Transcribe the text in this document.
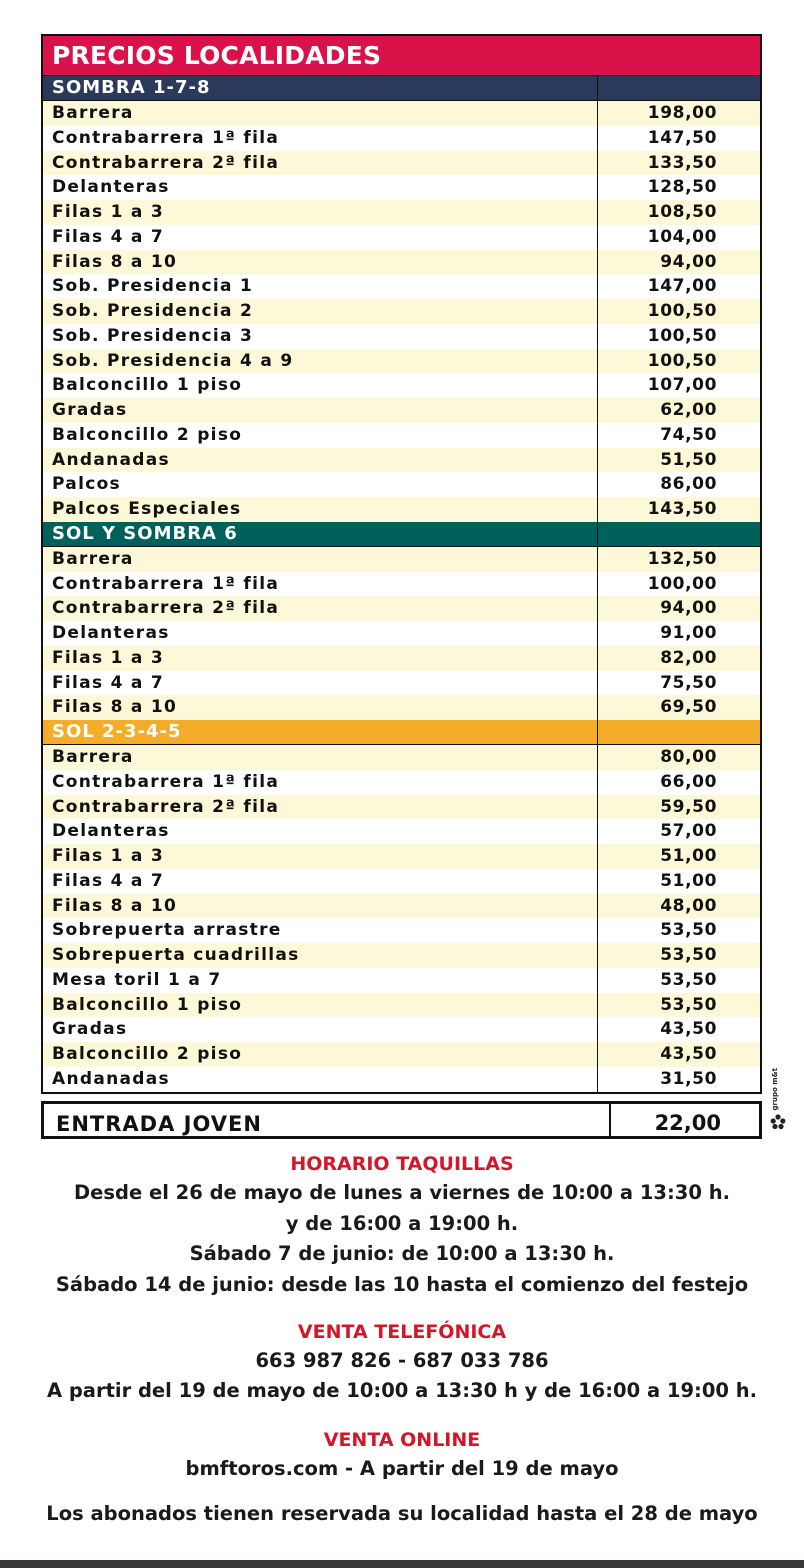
PRECIOS LOCALIDADES
SOMBRA 1-7-8
Barrera	198,00
Contrabarrera 1ª fila	147,50
Contrabarrera 2ª fila	133,50
Delanteras	128,50
Filas 1 a 3	108,50
Filas 4 a 7	104,00
Filas 8 a 10	94,00
Sob. Presidencia 1	147,00
Sob. Presidencia 2	100,50
Sob. Presidencia 3	100,50
Sob. Presidencia 4 a 9	100,50
Balconcillo 1 piso	107,00
Gradas	62,00
Balconcillo 2 piso	74,50
Andanadas	51,50
Palcos	86,00
Palcos Especiales	143,50
SOL Y SOMBRA 6
Barrera	132,50
Contrabarrera 1ª fila	100,00
Contrabarrera 2ª fila	94,00
Delanteras	91,00
Filas 1 a 3	82,00
Filas 4 a 7	75,50
Filas 8 a 10	69,50
SOL 2-3-4-5
Barrera	80,00
Contrabarrera 1ª fila	66,00
Contrabarrera 2ª fila	59,50
Delanteras	57,00
Filas 1 a 3	51,00
Filas 4 a 7	51,00
Filas 8 a 10	48,00
Sobrepuerta arrastre	53,50
Sobrepuerta cuadrillas	53,50
Mesa toril 1 a 7	53,50
Balconcillo 1 piso	53,50
Gradas	43,50
Balconcillo 2 piso	43,50
Andanadas	31,50
ENTRADA JOVEN	22,00
grupo m&t
HORARIO TAQUILLAS
Desde el 26 de mayo de lunes a viernes de 10:00 a 13:30 h.
y de 16:00 a 19:00 h.
Sábado 7 de junio: de 10:00 a 13:30 h.
Sábado 14 de junio: desde las 10 hasta el comienzo del festejo
VENTA TELEFÓNICA
663 987 826 - 687 033 786
A partir del 19 de mayo de 10:00 a 13:30 h y de 16:00 a 19:00 h.
VENTA ONLINE
bmftoros.com - A partir del 19 de mayo
Los abonados tienen reservada su localidad hasta el 28 de mayo
